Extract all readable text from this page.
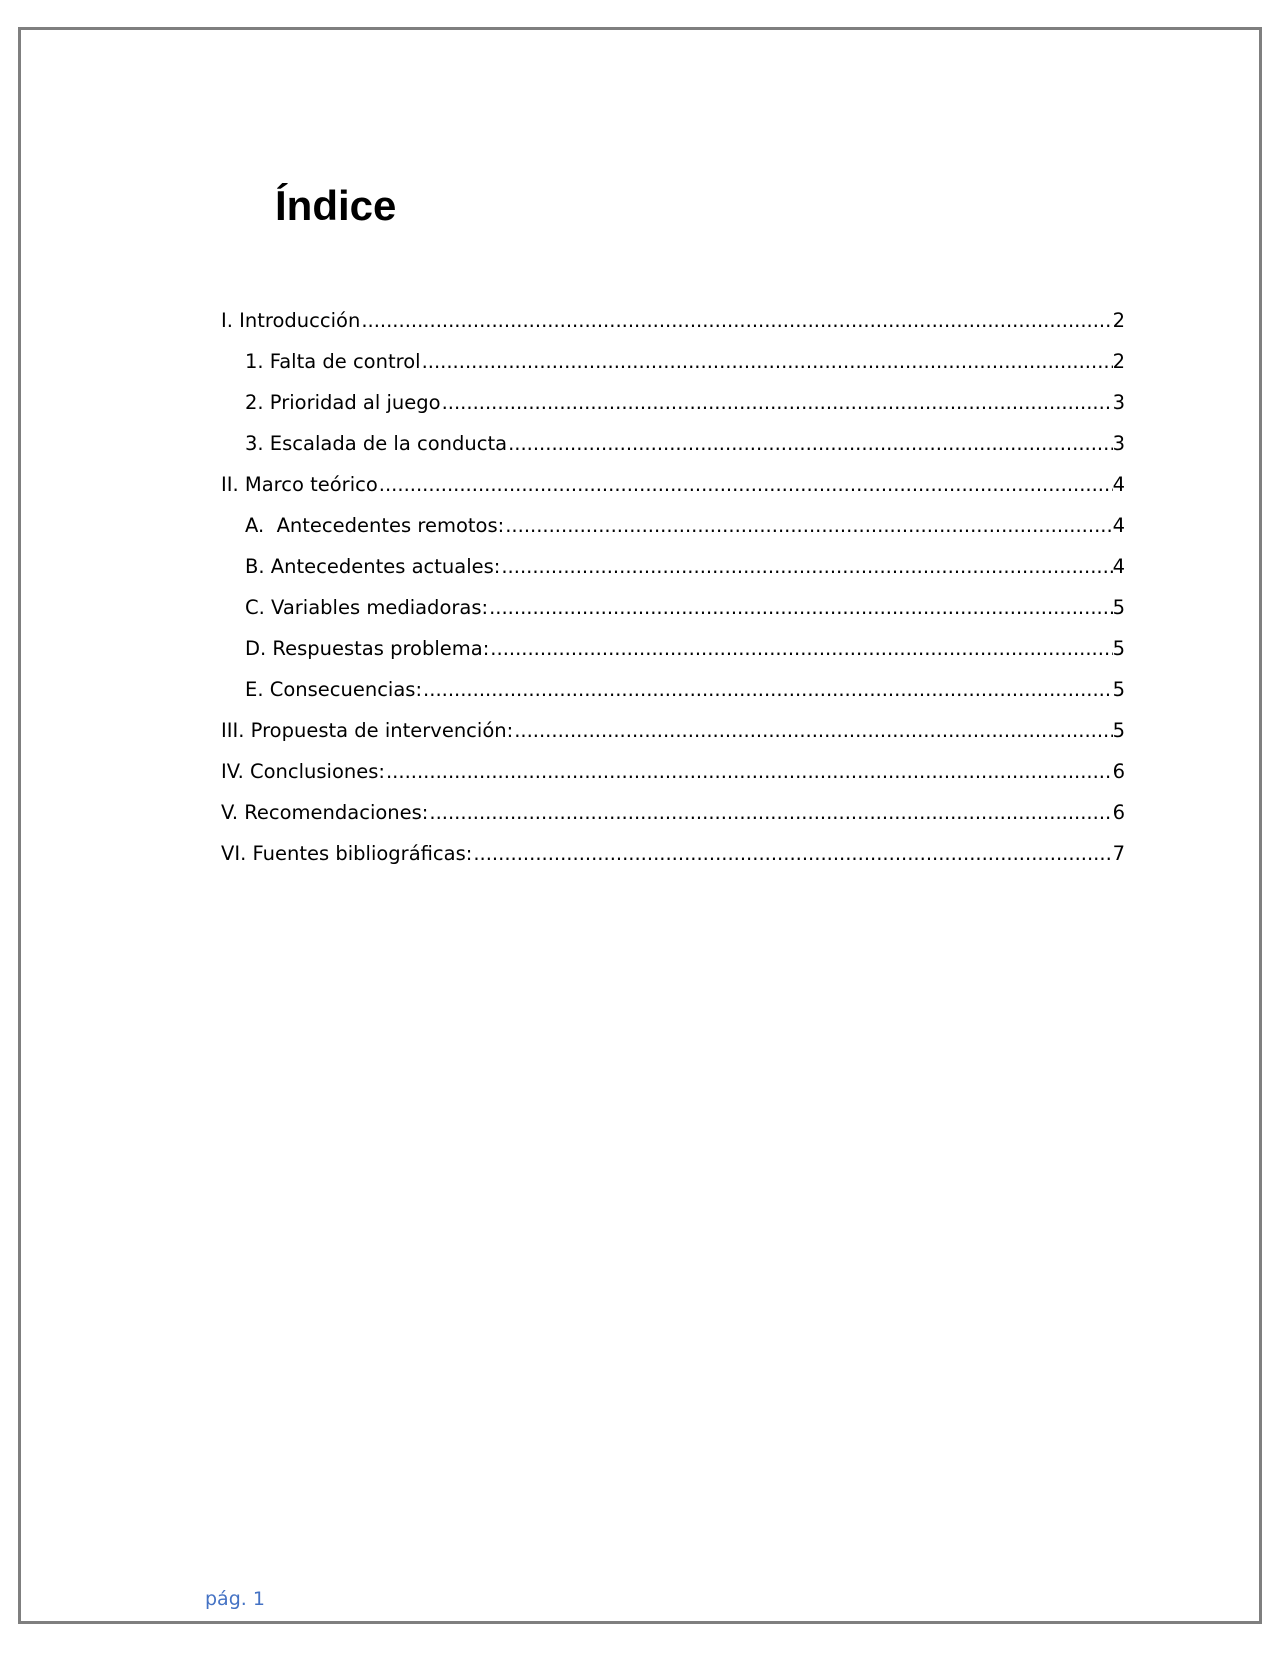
Índice
I. Introducción .....	2
1. Falta de control .....	2
2. Prioridad al juego .....	3
3. Escalada de la conducta .....	3
II. Marco teórico .....	4
A.  Antecedentes remotos: .....	4
B. Antecedentes actuales: .....	4
C. Variables mediadoras: .....	5
D. Respuestas problema: .....	5
E. Consecuencias: .....	5
III. Propuesta de intervención: .....	5
IV. Conclusiones: .....	6
V. Recomendaciones: .....	6
VI. Fuentes bibliográficas: .....	7
pág. 1
